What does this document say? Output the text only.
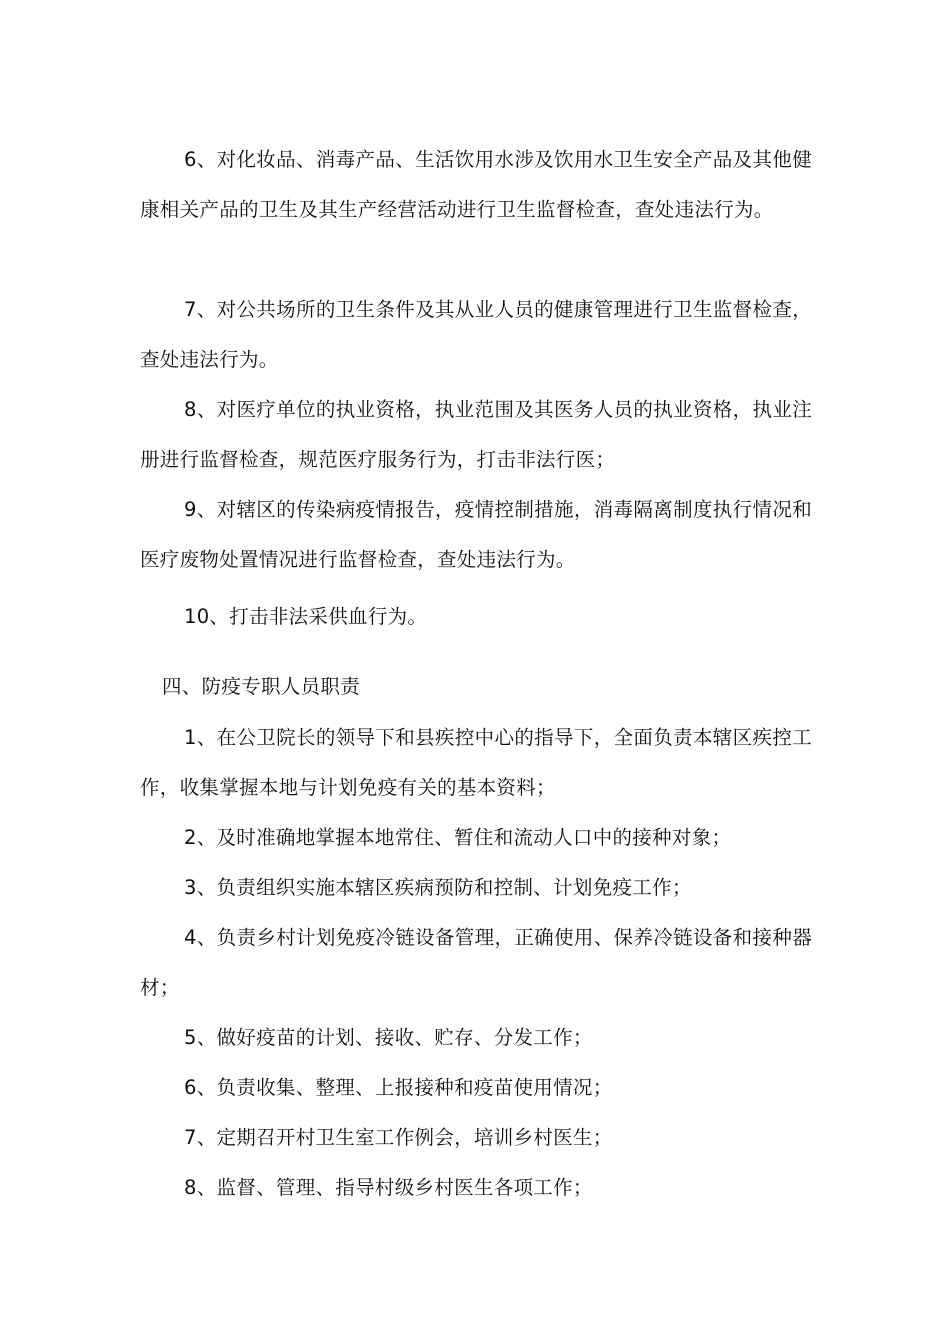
6、对化妆品、消毒产品、生活饮用水涉及饮用水卫生安全产品及其他健康相关产品的卫生及其生产经营活动进行卫生监督检查，查处违法行为。

7、对公共场所的卫生条件及其从业人员的健康管理进行卫生监督检查，查处违法行为。

8、对医疗单位的执业资格，执业范围及其医务人员的执业资格，执业注册进行监督检查，规范医疗服务行为，打击非法行医；

9、对辖区的传染病疫情报告，疫情控制措施，消毒隔离制度执行情况和医疗废物处置情况进行监督检查，查处违法行为。

10、打击非法采供血行为。

四、防疫专职人员职责

1、在公卫院长的领导下和县疾控中心的指导下，全面负责本辖区疾控工作，收集掌握本地与计划免疫有关的基本资料；

2、及时准确地掌握本地常住、暂住和流动人口中的接种对象；

3、负责组织实施本辖区疾病预防和控制、计划免疫工作；

4、负责乡村计划免疫冷链设备管理，正确使用、保养冷链设备和接种器材；

5、做好疫苗的计划、接收、贮存、分发工作；

6、负责收集、整理、上报接种和疫苗使用情况；

7、定期召开村卫生室工作例会，培训乡村医生；

8、监督、管理、指导村级乡村医生各项工作；
